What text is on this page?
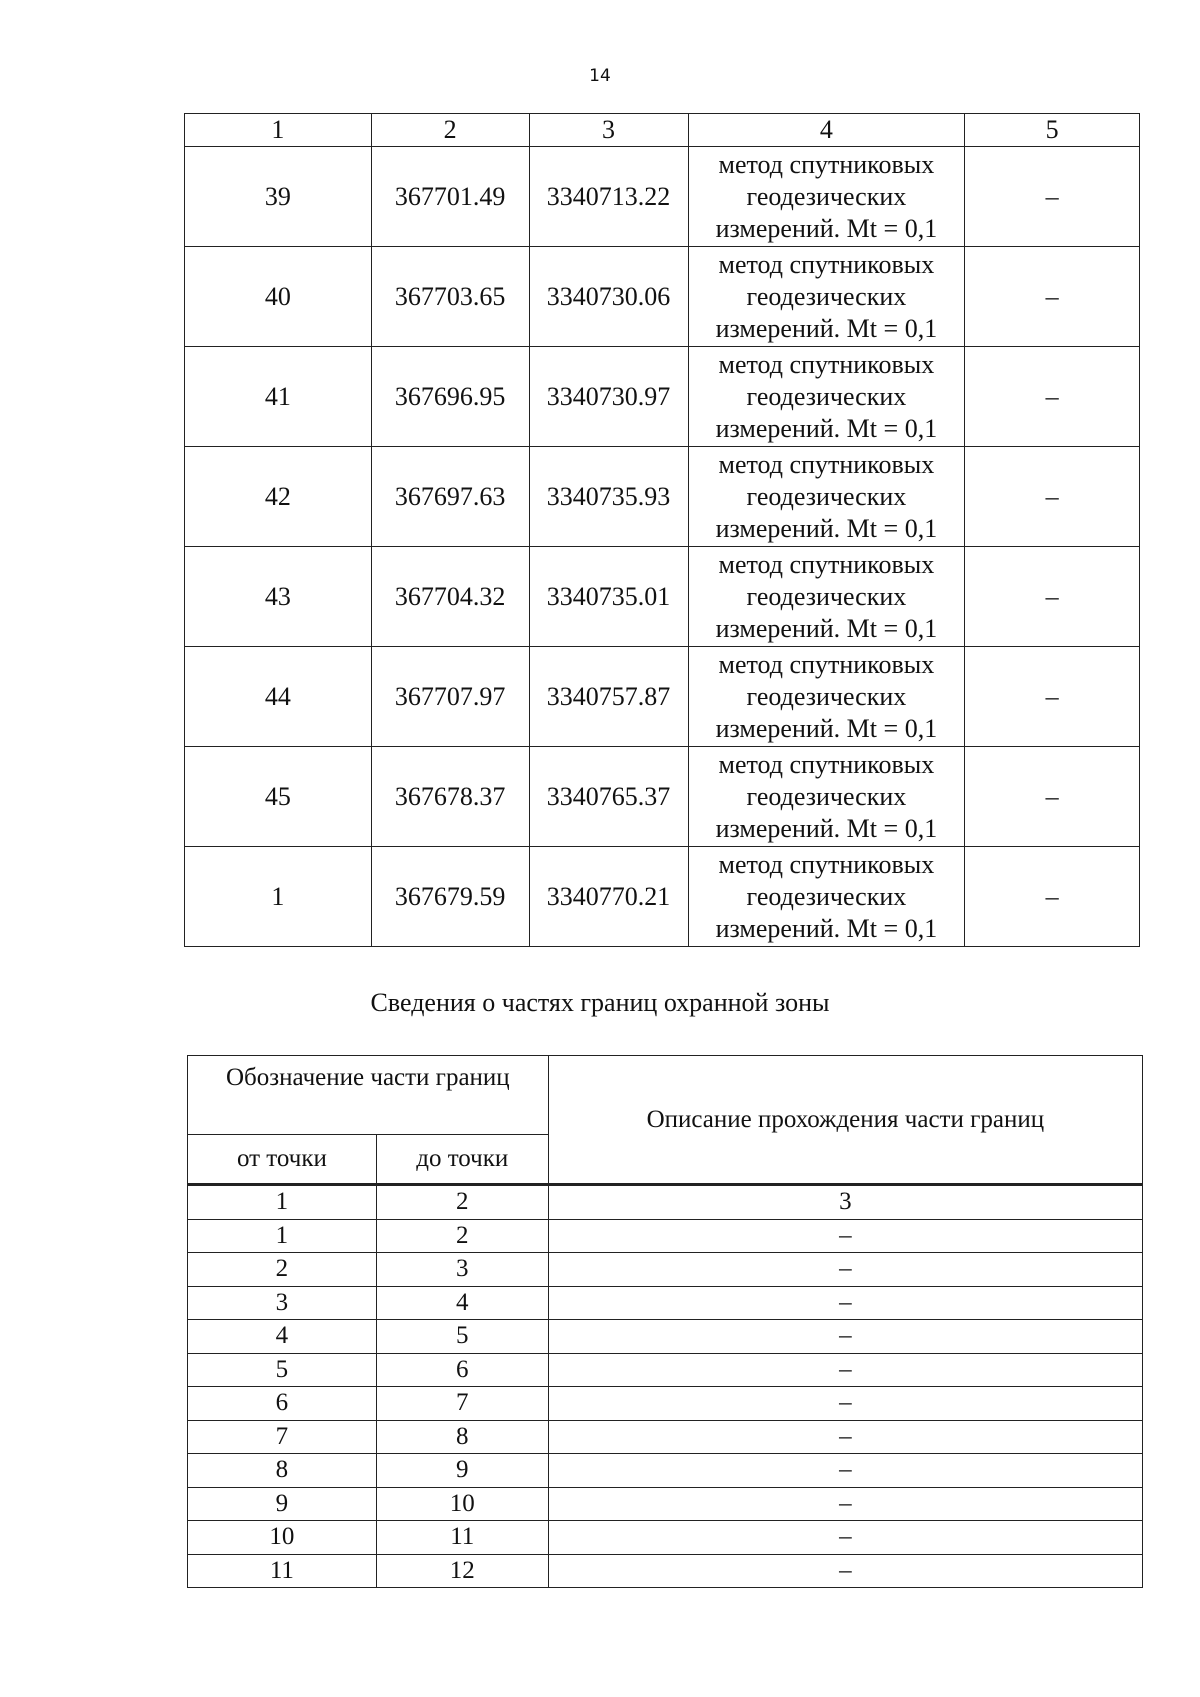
14
1	2	3	4	5
39	367701.49	3340713.22	метод спутниковых
геодезических
измерений. Mt = 0,1	–
40	367703.65	3340730.06	метод спутниковых
геодезических
измерений. Mt = 0,1	–
41	367696.95	3340730.97	метод спутниковых
геодезических
измерений. Mt = 0,1	–
42	367697.63	3340735.93	метод спутниковых
геодезических
измерений. Mt = 0,1	–
43	367704.32	3340735.01	метод спутниковых
геодезических
измерений. Mt = 0,1	–
44	367707.97	3340757.87	метод спутниковых
геодезических
измерений. Mt = 0,1	–
45	367678.37	3340765.37	метод спутниковых
геодезических
измерений. Mt = 0,1	–
1	367679.59	3340770.21	метод спутниковых
геодезических
измерений. Mt = 0,1	–
Сведения о частях границ охранной зоны
Обозначение части границ		Описание прохождения части границ
от точки	до точки	
1	2	3
1	2	–
2	3	–
3	4	–
4	5	–
5	6	–
6	7	–
7	8	–
8	9	–
9	10	–
10	11	–
11	12	–
